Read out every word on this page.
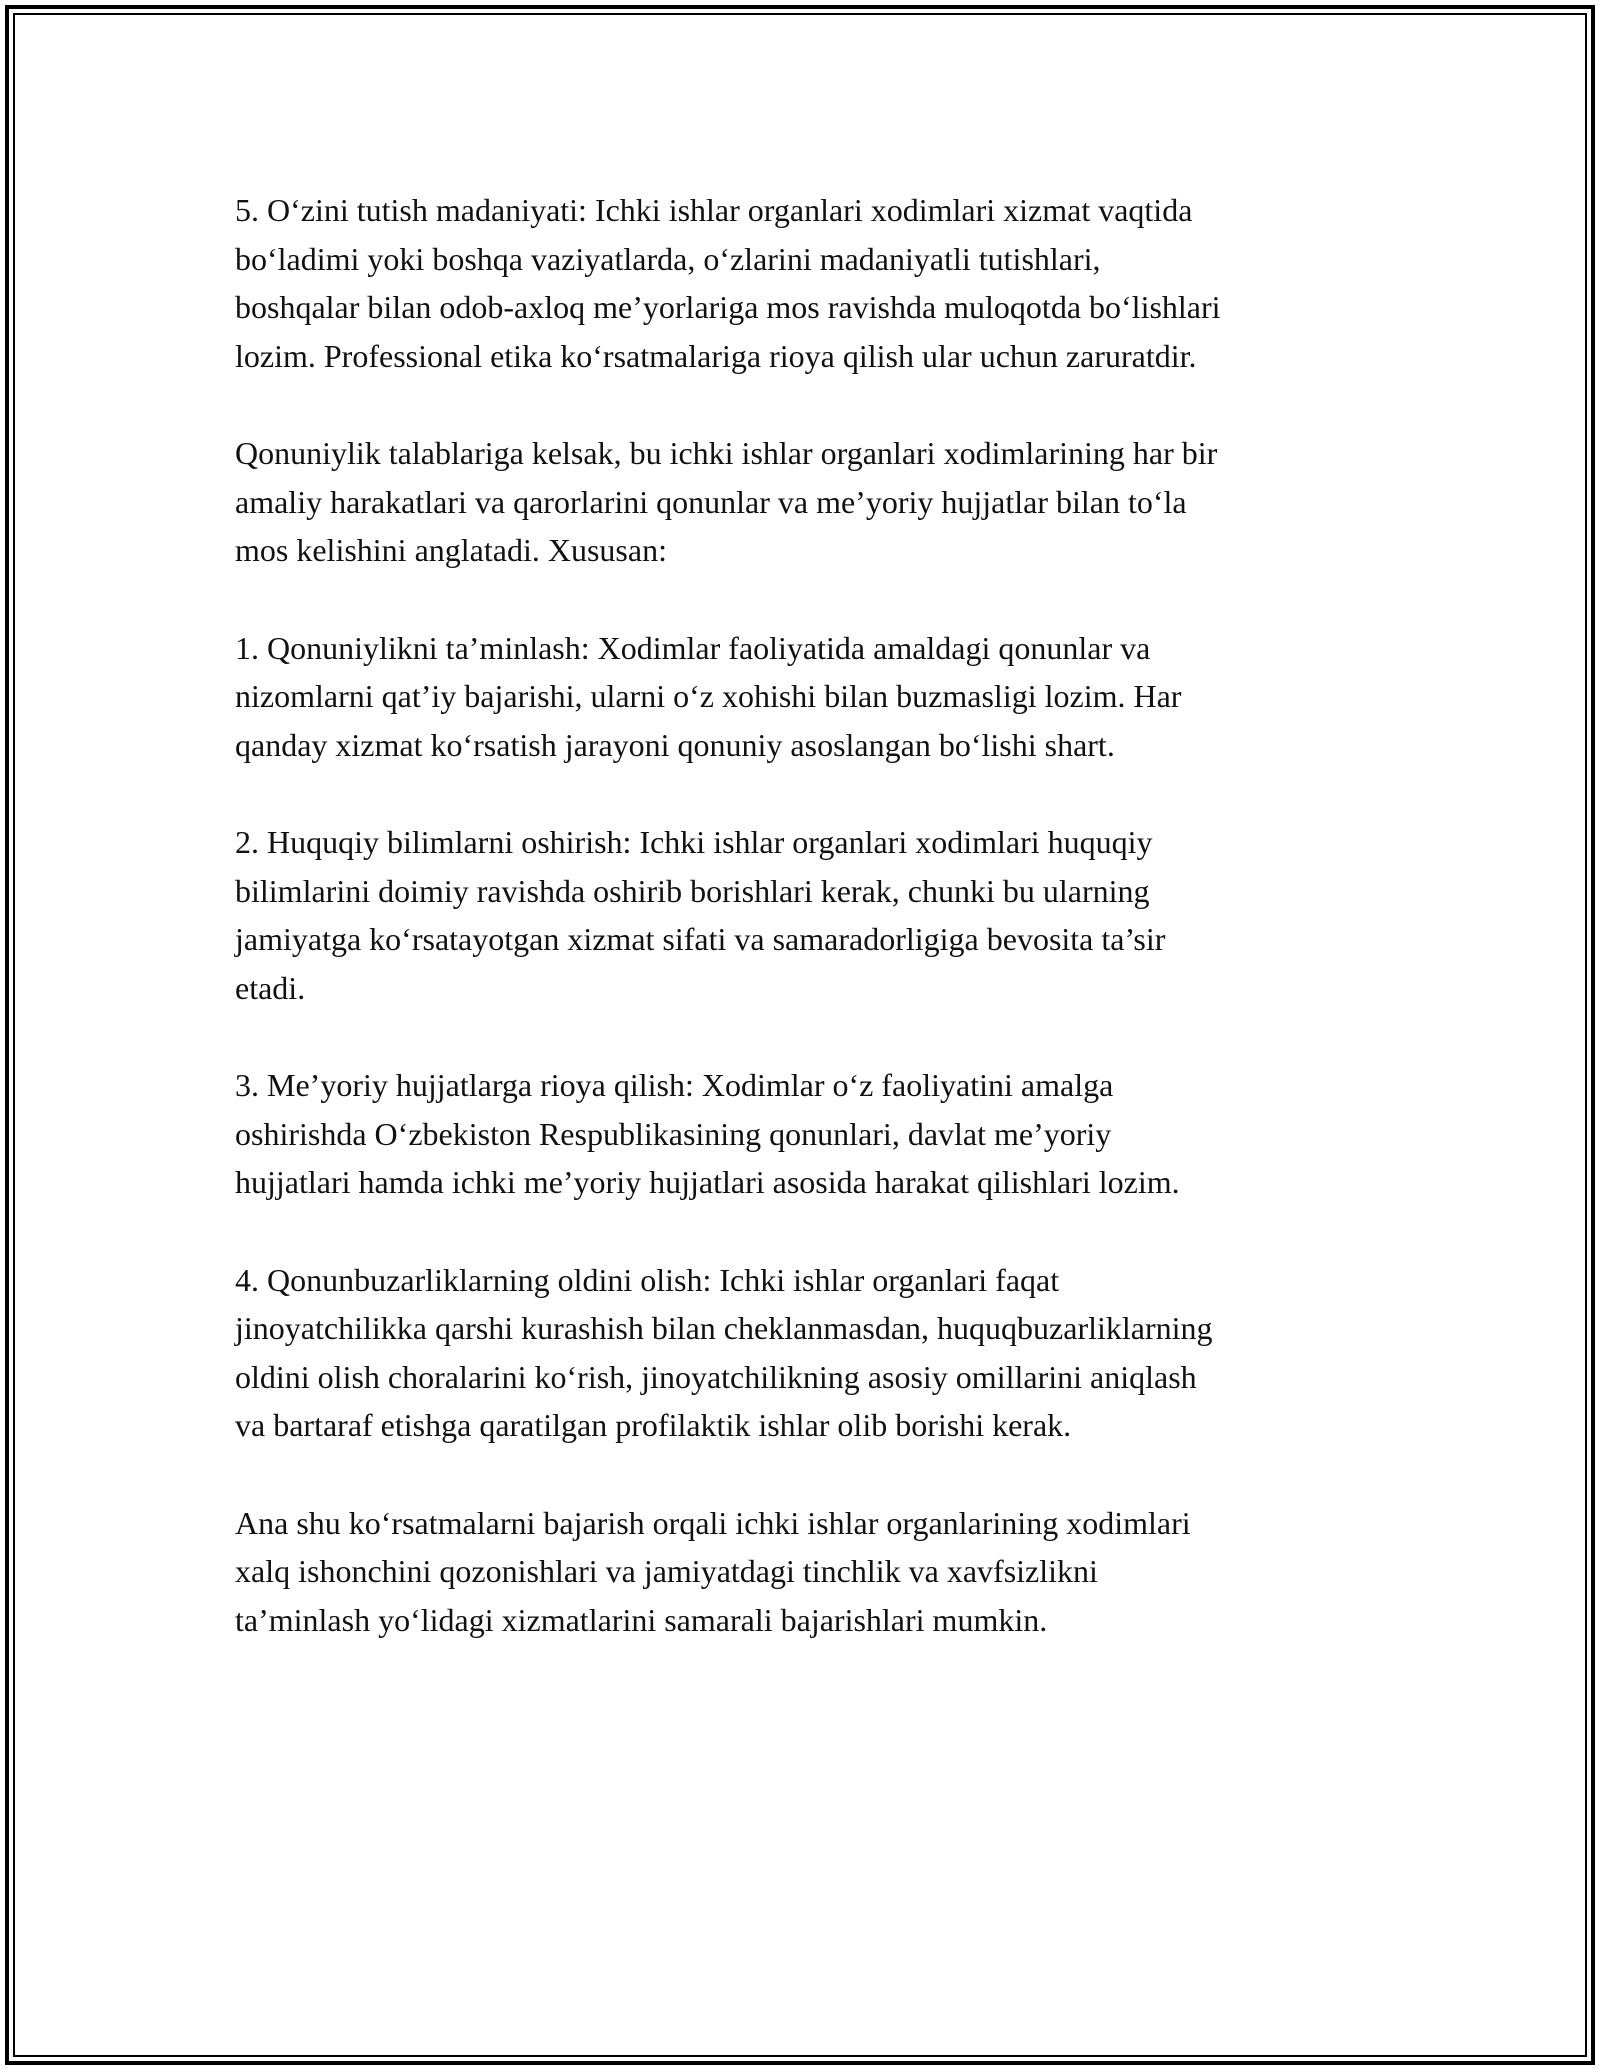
5. O‘zini tutish madaniyati: Ichki ishlar organlari xodimlari xizmat vaqtida
bo‘ladimi yoki boshqa vaziyatlarda, o‘zlarini madaniyatli tutishlari,
boshqalar bilan odob-axloq me’yorlariga mos ravishda muloqotda bo‘lishlari
lozim. Professional etika ko‘rsatmalariga rioya qilish ular uchun zaruratdir.

Qonuniylik talablariga kelsak, bu ichki ishlar organlari xodimlarining har bir
amaliy harakatlari va qarorlarini qonunlar va me’yoriy hujjatlar bilan to‘la
mos kelishini anglatadi. Xususan:

1. Qonuniylikni ta’minlash: Xodimlar faoliyatida amaldagi qonunlar va
nizomlarni qat’iy bajarishi, ularni o‘z xohishi bilan buzmasligi lozim. Har
qanday xizmat ko‘rsatish jarayoni qonuniy asoslangan bo‘lishi shart.

2. Huquqiy bilimlarni oshirish: Ichki ishlar organlari xodimlari huquqiy
bilimlarini doimiy ravishda oshirib borishlari kerak, chunki bu ularning
jamiyatga ko‘rsatayotgan xizmat sifati va samaradorligiga bevosita ta’sir
etadi.

3. Me’yoriy hujjatlarga rioya qilish: Xodimlar o‘z faoliyatini amalga
oshirishda O‘zbekiston Respublikasining qonunlari, davlat me’yoriy
hujjatlari hamda ichki me’yoriy hujjatlari asosida harakat qilishlari lozim.

4. Qonunbuzarliklarning oldini olish: Ichki ishlar organlari faqat
jinoyatchilikka qarshi kurashish bilan cheklanmasdan, huquqbuzarliklarning
oldini olish choralarini ko‘rish, jinoyatchilikning asosiy omillarini aniqlash
va bartaraf etishga qaratilgan profilaktik ishlar olib borishi kerak.

Ana shu ko‘rsatmalarni bajarish orqali ichki ishlar organlarining xodimlari
xalq ishonchini qozonishlari va jamiyatdagi tinchlik va xavfsizlikni
ta’minlash yo‘lidagi xizmatlarini samarali bajarishlari mumkin.
